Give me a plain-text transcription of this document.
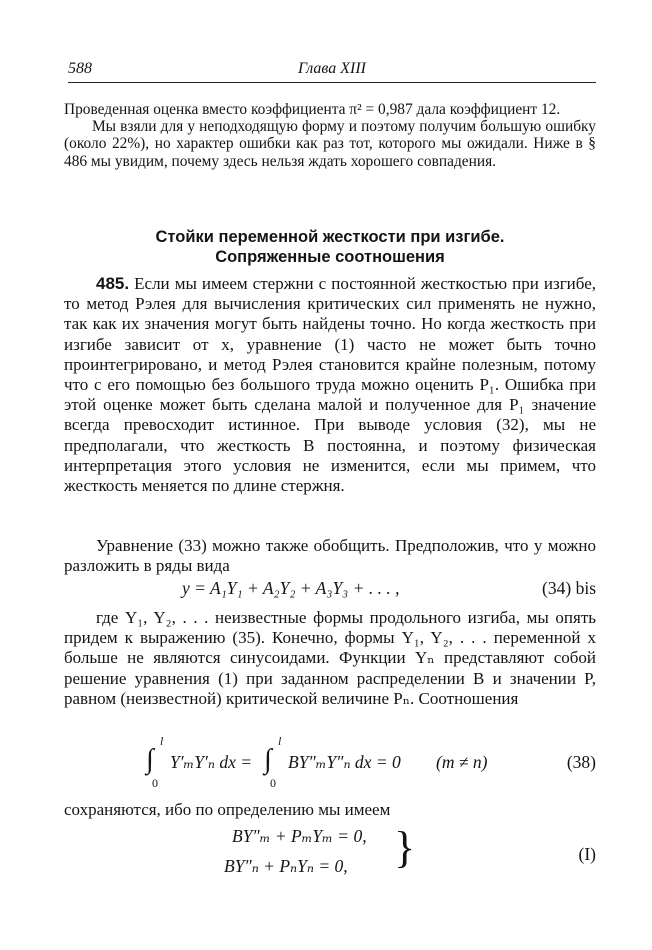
588	Глава XIII

Проведенная оценка вместо коэффициента π² = 0,987 дала коэффициент 12.

Мы взяли для y неподходящую форму и поэтому получим большую ошибку (около 22%), но характер ошибки как раз тот, которого мы ожидали. Ниже в § 486 мы увидим, почему здесь нельзя ждать хорошего совпадения.

Стойки переменной жесткости при изгибе.
Сопряженные соотношения

485. Если мы имеем стержни с постоянной жесткостью при изгибе, то метод Рэлея для вычисления критических сил применять не нужно, так как их значения могут быть найдены точно. Но когда жесткость при изгибе зависит от x, уравнение (1) часто не может быть точно проинтегрировано, и метод Рэлея становится крайне полезным, потому что с его помощью без большого труда можно оценить P₁. Ошибка при этой оценке может быть сделана малой и полученное для P₁ значение всегда превосходит истинное. При выводе условия (32), мы не предполагали, что жесткость B постоянна, и поэтому физическая интерпретация этого условия не изменится, если мы примем, что жесткость меняется по длине стержня.

Уравнение (33) можно также обобщить. Предположив, что y можно разложить в ряды вида

y = A₁Y₁ + A₂Y₂ + A₃Y₃ + . . . ,	(34) bis

где Y₁, Y₂, . . . неизвестные формы продольного изгиба, мы опять придем к выражению (35). Конечно, формы Y₁, Y₂, . . . переменной x больше не являются синусоидами. Функции Yₙ представляют собой решение уравнения (1) при заданном распределении B и значении P, равном (неизвестной) критической величине Pₙ. Соотношения

∫
l
0
Y′ₘY′ₙ dx = ∫
l
0
BY″ₘY″ₙ dx = 0 (m ≠ n)	(38)

сохраняются, ибо по определению мы имеем

BY″ₘ + PₘYₘ = 0,
BY″ₙ + PₙYₙ = 0, }	(I)
